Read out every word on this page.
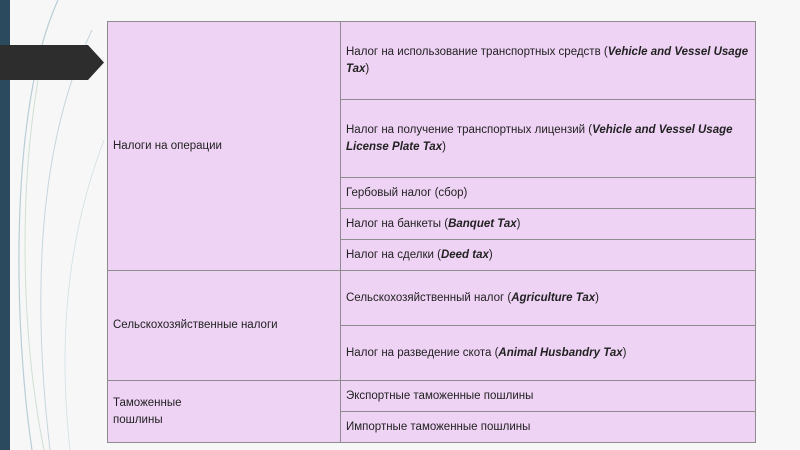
Налоги на операции	Налог на использование транспортных средств (Vehicle and Vessel Usage Tax)
	Налог на получение транспортных лицензий (Vehicle and Vessel Usage License Plate Tax)
	Гербовый налог (сбор)
	Налог на банкеты (Banquet Tax)
	Налог на сделки (Deed tax)
Сельскохозяйственные налоги	Сельскохозяйственный налог (Agriculture Tax)
	Налог на разведение скота (Animal Husbandry Tax)
Таможенные пошлины	Экспортные таможенные пошлины
	Импортные таможенные пошлины
